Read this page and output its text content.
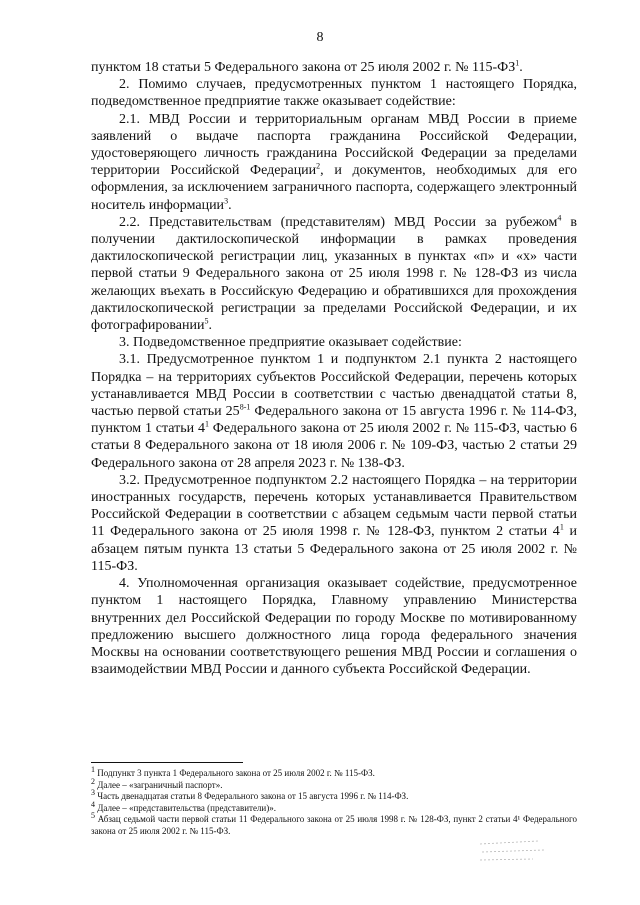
8

пунктом 18 статьи 5 Федерального закона от 25 июля 2002 г. № $115-ФЗ^1$.

2. Помимо случаев, предусмотренных пунктом 1 настоящего Порядка, подведомственное предприятие также оказывает содействие:

2.1. МВД России и территориальным органам МВД России в приеме заявлений о выдаче паспорта гражданина Российской Федерации, удостоверяющего личность гражданина Российской Федерации за пределами территории Российской Федерации$^2$, и документов, необходимых для его оформления, за исключением заграничного паспорта, содержащего электронный носитель информации$^3$.

2.2. Представительствам (представителям) МВД России за рубежом$^4$ в получении дактилоскопической информации в рамках проведения дактилоскопической регистрации лиц, указанных в пунктах «п» и «х» части первой статьи 9 Федерального закона от 25 июля 1998 г. № 128-ФЗ из числа желающих въехать в Российскую Федерацию и обратившихся для прохождения дактилоскопической регистрации за пределами Российской Федерации, и их фотографировании$^5$.

3. Подведомственное предприятие оказывает содействие:

3.1. Предусмотренное пунктом 1 и подпунктом 2.1 пункта 2 настоящего Порядка – на территориях субъектов Российской Федерации, перечень которых устанавливается МВД России в соответствии с частью двенадцатой статьи 8, частью первой статьи 25$^{8-1}$ Федерального закона от 15 августа 1996 г. № 114-ФЗ, пунктом 1 статьи $4^1$ Федерального закона от 25 июля 2002 г. № 115-ФЗ, частью 6 статьи 8 Федерального закона от 18 июля 2006 г. № 109-ФЗ, частью 2 статьи 29 Федерального закона от 28 апреля 2023 г. № 138-ФЗ.

3.2. Предусмотренное подпунктом 2.2 настоящего Порядка – на территории иностранных государств, перечень которых устанавливается Правительством Российской Федерации в соответствии с абзацем седьмым части первой статьи 11 Федерального закона от 25 июля 1998 г. № 128-ФЗ, пунктом 2 статьи $4^1$ и абзацем пятым пункта 13 статьи 5 Федерального закона от 25 июля 2002 г. № 115-ФЗ.

4. Уполномоченная организация оказывает содействие, предусмотренное пунктом 1 настоящего Порядка, Главному управлению Министерства внутренних дел Российской Федерации по городу Москве по мотивированному предложению высшего должностного лица города федерального значения Москвы на основании соответствующего решения МВД России и соглашения о взаимодействии МВД России и данного субъекта Российской Федерации.

$^1$ Подпункт 3 пункта 1 Федерального закона от 25 июля 2002 г. № 115-ФЗ.

$^2$ Далее – «заграничный паспорт».

$^3$ Часть двенадцатая статьи 8 Федерального закона от 15 августа 1996 г. № 114-ФЗ.

$^4$ Далее – «представительства (представители)».

$^5$ Абзац седьмой части первой статьи 11 Федерального закона от 25 июля 1998 г. № 128-ФЗ, пункт 2 статьи 4¹ Федерального закона от 25 июля 2002 г. № 115-ФЗ.
